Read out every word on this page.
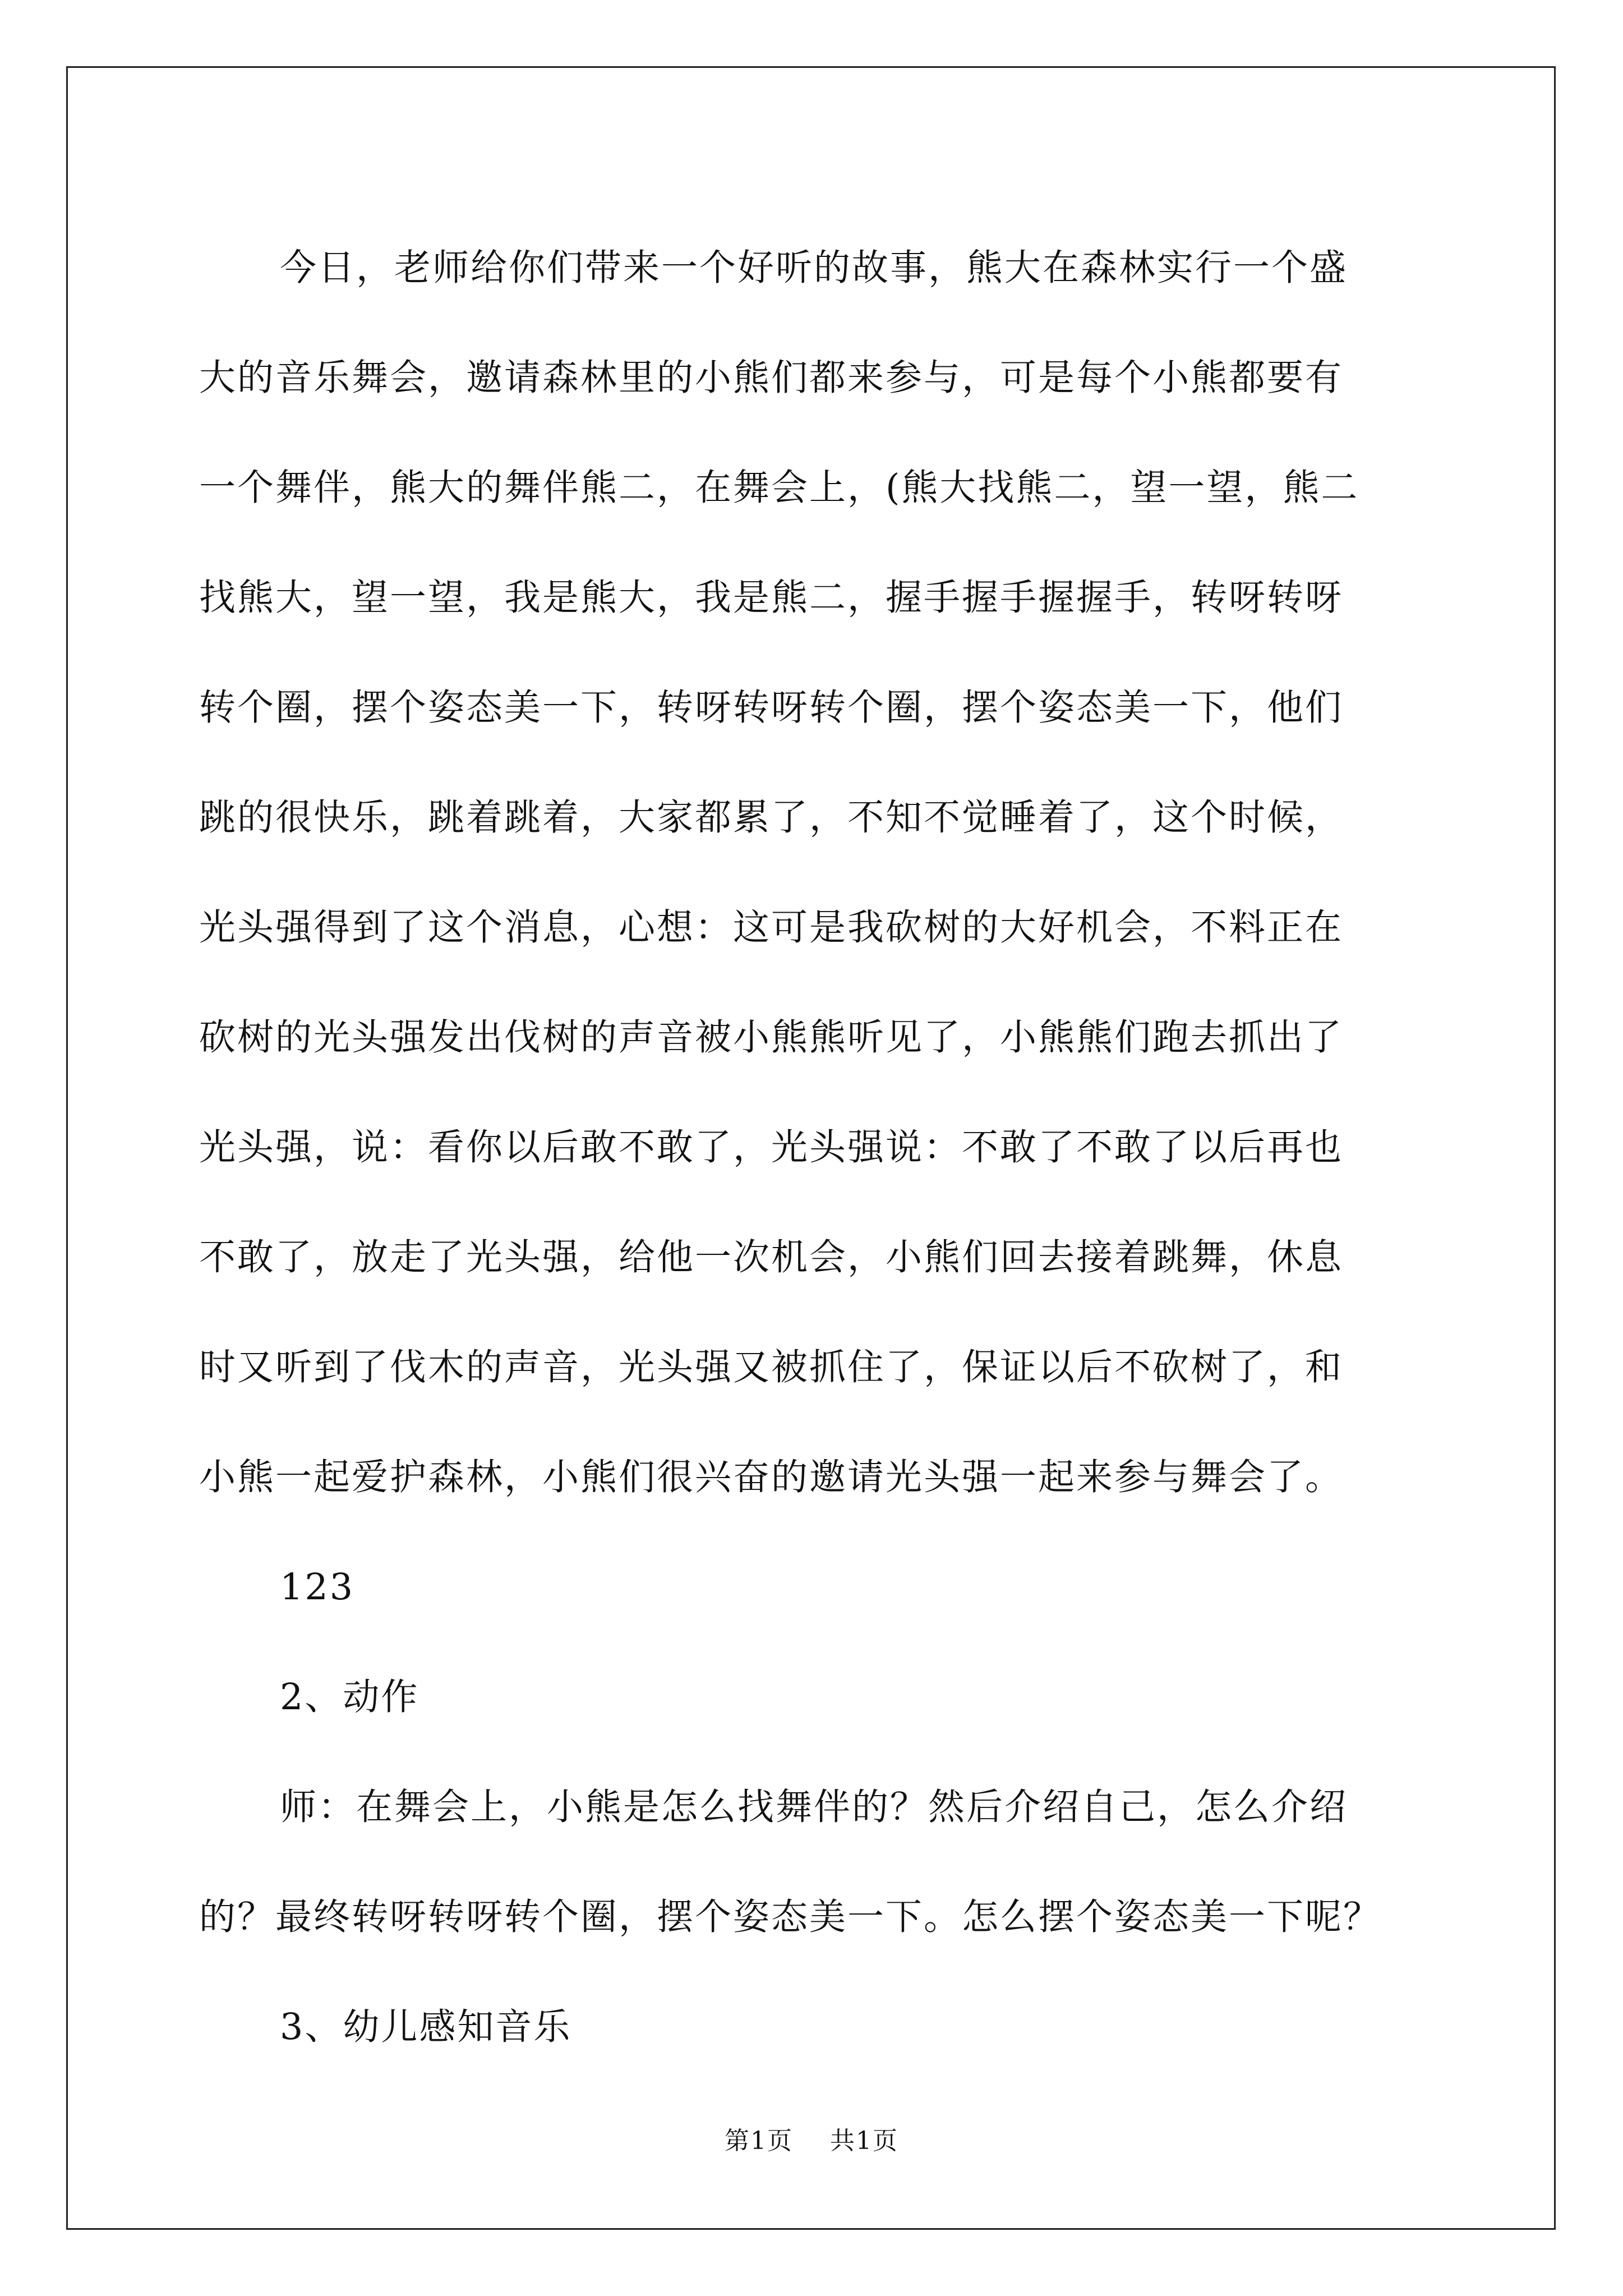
今日，老师给你们带来一个好听的故事，熊大在森林实行一个盛
大的音乐舞会，邀请森林里的小熊们都来参与，可是每个小熊都要有
一个舞伴，熊大的舞伴熊二，在舞会上，(熊大找熊二，望一望，熊二
找熊大，望一望，我是熊大，我是熊二，握手握手握握手，转呀转呀
转个圈，摆个姿态美一下，转呀转呀转个圈，摆个姿态美一下，他们
跳的很快乐，跳着跳着，大家都累了，不知不觉睡着了，这个时候，
光头强得到了这个消息，心想：这可是我砍树的大好机会，不料正在
砍树的光头强发出伐树的声音被小熊熊听见了，小熊熊们跑去抓出了
光头强，说：看你以后敢不敢了，光头强说：不敢了不敢了以后再也
不敢了，放走了光头强，给他一次机会，小熊们回去接着跳舞，休息
时又听到了伐木的声音，光头强又被抓住了，保证以后不砍树了，和
小熊一起爱护森林，小熊们很兴奋的邀请光头强一起来参与舞会了。
123
2、动作
师：在舞会上，小熊是怎么找舞伴的？然后介绍自己，怎么介绍
的？最终转呀转呀转个圈，摆个姿态美一下。怎么摆个姿态美一下呢？
3、幼儿感知音乐
第1页 共1页
